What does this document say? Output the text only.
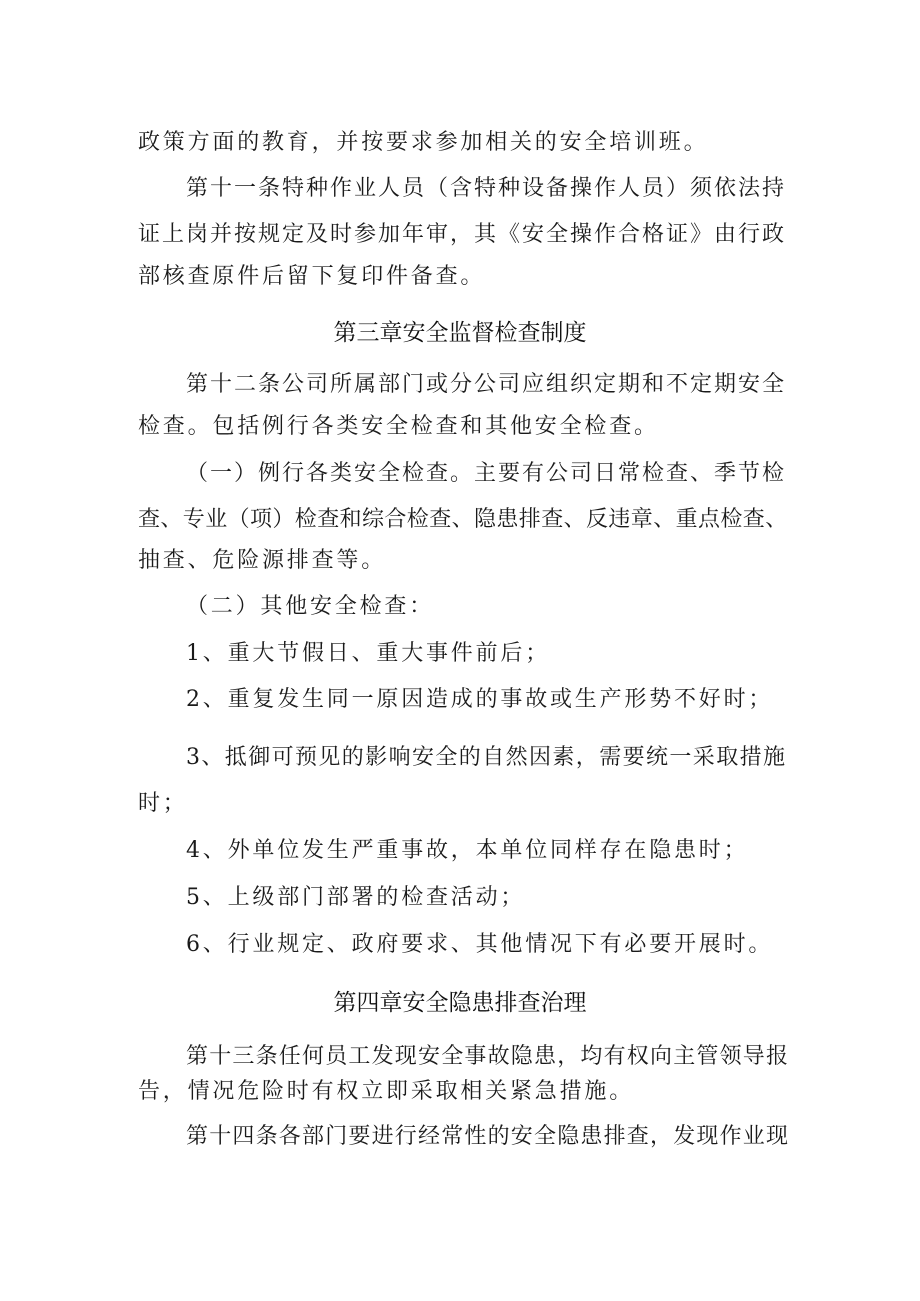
政策方面的教育，并按要求参加相关的安全培训班。
第十一条特种作业人员（含特种设备操作人员）须依法持
证上岗并按规定及时参加年审，其《安全操作合格证》由行政
部核查原件后留下复印件备查。
第三章安全监督检查制度
第十二条公司所属部门或分公司应组织定期和不定期安全
检查。包括例行各类安全检查和其他安全检查。
（一）例行各类安全检查。主要有公司日常检查、季节检
查、专业（项）检查和综合检查、隐患排查、反违章、重点检查、
抽查、危险源排查等。
（二）其他安全检查：
1、重大节假日、重大事件前后；
2、重复发生同一原因造成的事故或生产形势不好时；
3、抵御可预见的影响安全的自然因素，需要统一采取措施
时；
4、外单位发生严重事故，本单位同样存在隐患时；
5、上级部门部署的检查活动；
6、行业规定、政府要求、其他情况下有必要开展时。
第四章安全隐患排查治理
第十三条任何员工发现安全事故隐患，均有权向主管领导报
告，情况危险时有权立即采取相关紧急措施。
第十四条各部门要进行经常性的安全隐患排查，发现作业现
